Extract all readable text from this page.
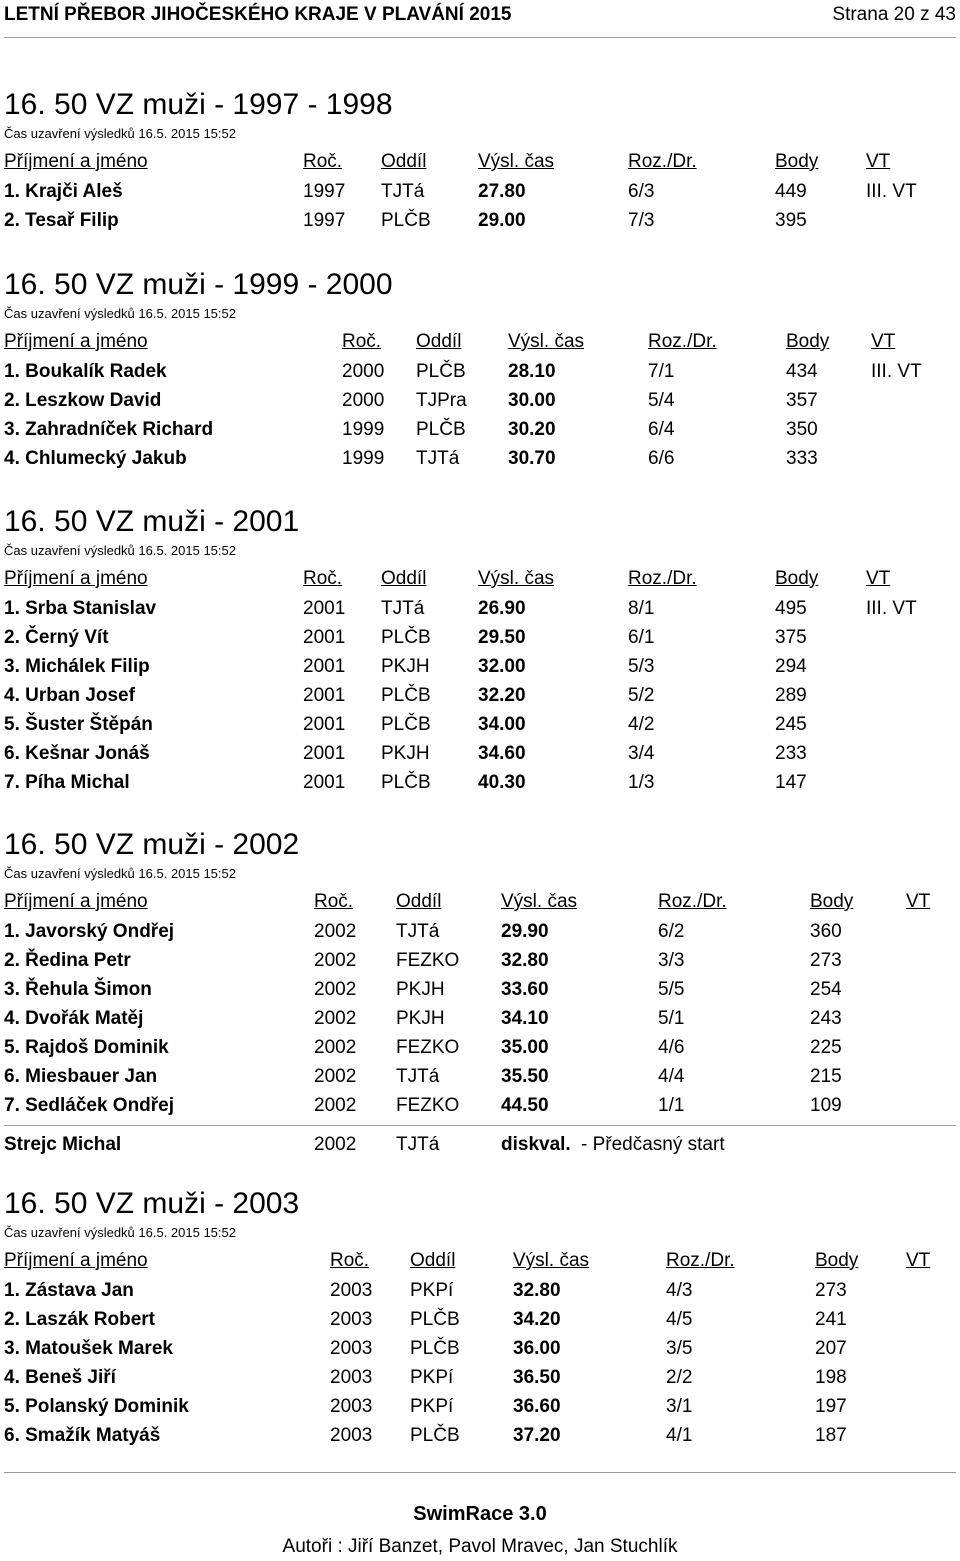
LETNÍ PŘEBOR JIHOČESKÉHO KRAJE V PLAVÁNÍ 2015	Strana 20 z 43
16. 50 VZ muži - 1997 - 1998
Čas uzavření výsledků 16.5. 2015 15:52
Příjmení a jméno	Roč. Oddíl	Výsl. čas	Roz./Dr.	Body	VT
1. Krajči Aleš	1997 TJTá	27.80	6/3	449	III. VT
2. Tesař Filip	1997 PLČB 29.00	7/3	395
16. 50 VZ muži - 1999 - 2000
Čas uzavření výsledků 16.5. 2015 15:52
Příjmení a jméno	Roč. Oddíl Výsl. čas	Roz./Dr.	Body VT
1. Boukalík Radek	2000 PLČB 28.10	7/1	434	III. VT
2. Leszkow David	2000 TJPra 30.00	5/4	357
3. Zahradníček Richard	1999 PLČB 30.20	6/4	350
4. Chlumecký Jakub	1999 TJTá	30.70	6/6	333
16. 50 VZ muži - 2001
Čas uzavření výsledků 16.5. 2015 15:52
Příjmení a jméno	Roč. Oddíl	Výsl. čas	Roz./Dr.	Body	VT
1. Srba Stanislav	2001 TJTá	26.90	8/1	495	III. VT
2. Černý Vít	2001 PLČB 29.50	6/1	375
3. Michálek Filip	2001 PKJH	32.00	5/3	294
4. Urban Josef	2001 PLČB 32.20	5/2	289
5. Šuster Štěpán	2001 PLČB 34.00	4/2	245
6. Kešnar Jonáš	2001 PKJH	34.60	3/4	233
7. Píha Michal	2001 PLČB 40.30	1/3	147
16. 50 VZ muži - 2002
Čas uzavření výsledků 16.5. 2015 15:52
Příjmení a jméno	Roč. Oddíl	Výsl. čas	Roz./Dr.	Body	VT
1. Javorský Ondřej	2002 TJTá	29.90	6/2	360
2. Ředina Petr	2002 FEZKO 32.80	3/3	273
3. Řehula Šimon	2002 PKJH	33.60	5/5	254
4. Dvořák Matěj	2002 PKJH	34.10	5/1	243
5. Rajdoš Dominik	2002 FEZKO 35.00	4/6	225
6. Miesbauer Jan	2002 TJTá	35.50	4/4	215
7. Sedláček Ondřej	2002 FEZKO 44.50	1/1	109
Strejc Michal	2002 TJTá	diskval. - Předčasný start
16. 50 VZ muži - 2003
Čas uzavření výsledků 16.5. 2015 15:52
Příjmení a jméno	Roč. Oddíl	Výsl. čas	Roz./Dr.	Body	VT
1. Zástava Jan	2003 PKPí	32.80	4/3	273
2. Laszák Robert	2003 PLČB	34.20	4/5	241
3. Matoušek Marek	2003 PLČB	36.00	3/5	207
4. Beneš Jiří	2003 PKPí	36.50	2/2	198
5. Polanský Dominik	2003 PKPí	36.60	3/1	197
6. Smažík Matyáš	2003 PLČB	37.20	4/1	187
SwimRace 3.0
Autoři : Jiří Banzet, Pavol Mravec, Jan Stuchlík
